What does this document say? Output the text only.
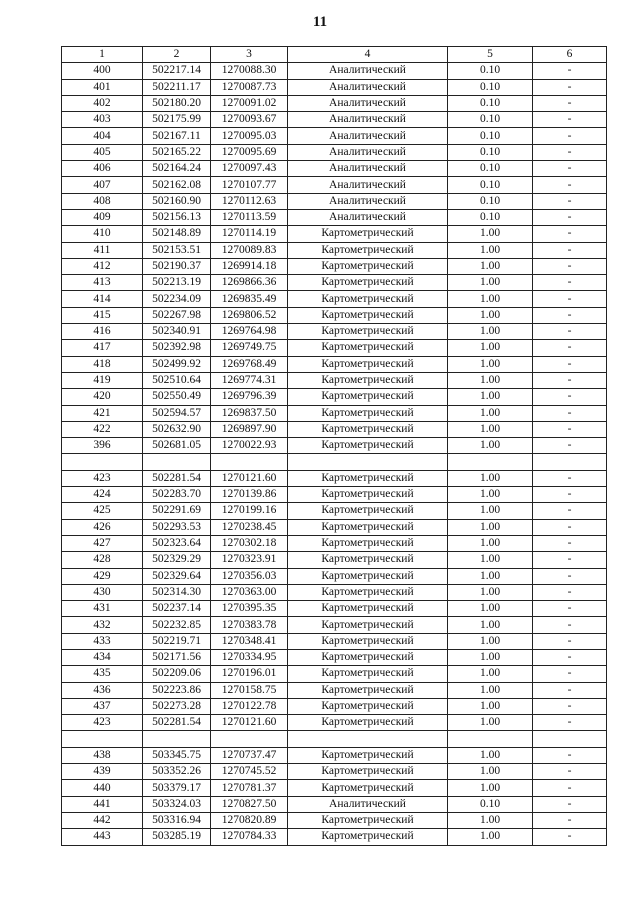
11
1	2	3	4	5	6
400	502217.14	1270088.30	Аналитический	0.10	-
401	502211.17	1270087.73	Аналитический	0.10	-
402	502180.20	1270091.02	Аналитический	0.10	-
403	502175.99	1270093.67	Аналитический	0.10	-
404	502167.11	1270095.03	Аналитический	0.10	-
405	502165.22	1270095.69	Аналитический	0.10	-
406	502164.24	1270097.43	Аналитический	0.10	-
407	502162.08	1270107.77	Аналитический	0.10	-
408	502160.90	1270112.63	Аналитический	0.10	-
409	502156.13	1270113.59	Аналитический	0.10	-
410	502148.89	1270114.19	Картометрический	1.00	-
411	502153.51	1270089.83	Картометрический	1.00	-
412	502190.37	1269914.18	Картометрический	1.00	-
413	502213.19	1269866.36	Картометрический	1.00	-
414	502234.09	1269835.49	Картометрический	1.00	-
415	502267.98	1269806.52	Картометрический	1.00	-
416	502340.91	1269764.98	Картометрический	1.00	-
417	502392.98	1269749.75	Картометрический	1.00	-
418	502499.92	1269768.49	Картометрический	1.00	-
419	502510.64	1269774.31	Картометрический	1.00	-
420	502550.49	1269796.39	Картометрический	1.00	-
421	502594.57	1269837.50	Картометрический	1.00	-
422	502632.90	1269897.90	Картометрический	1.00	-
396	502681.05	1270022.93	Картометрический	1.00	-

423	502281.54	1270121.60	Картометрический	1.00	-
424	502283.70	1270139.86	Картометрический	1.00	-
425	502291.69	1270199.16	Картометрический	1.00	-
426	502293.53	1270238.45	Картометрический	1.00	-
427	502323.64	1270302.18	Картометрический	1.00	-
428	502329.29	1270323.91	Картометрический	1.00	-
429	502329.64	1270356.03	Картометрический	1.00	-
430	502314.30	1270363.00	Картометрический	1.00	-
431	502237.14	1270395.35	Картометрический	1.00	-
432	502232.85	1270383.78	Картометрический	1.00	-
433	502219.71	1270348.41	Картометрический	1.00	-
434	502171.56	1270334.95	Картометрический	1.00	-
435	502209.06	1270196.01	Картометрический	1.00	-
436	502223.86	1270158.75	Картометрический	1.00	-
437	502273.28	1270122.78	Картометрический	1.00	-
423	502281.54	1270121.60	Картометрический	1.00	-

438	503345.75	1270737.47	Картометрический	1.00	-
439	503352.26	1270745.52	Картометрический	1.00	-
440	503379.17	1270781.37	Картометрический	1.00	-
441	503324.03	1270827.50	Аналитический	0.10	-
442	503316.94	1270820.89	Картометрический	1.00	-
443	503285.19	1270784.33	Картометрический	1.00	-
